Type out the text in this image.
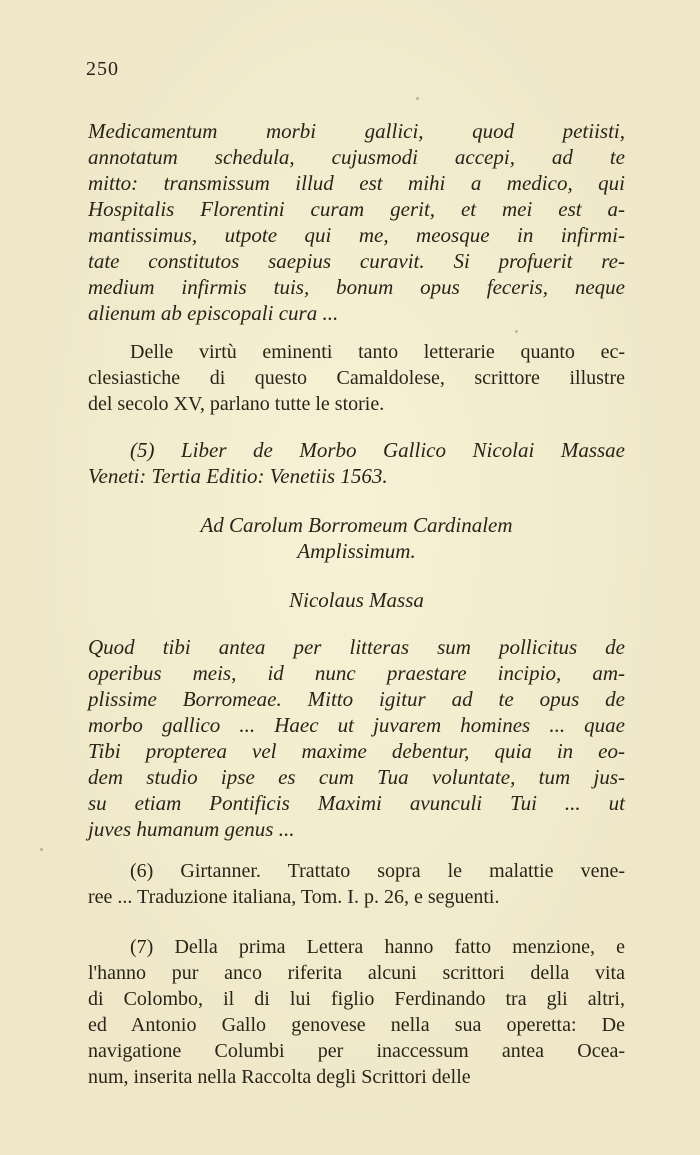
250
Medicamentum morbi gallici, quod petiisti,
annotatum schedula, cujusmodi accepi, ad te
mitto: transmissum illud est mihi a medico, qui
Hospitalis Florentini curam gerit, et mei est a-
mantissimus, utpote qui me, meosque in infirmi-
tate constitutos saepius curavit. Si profuerit re-
medium infirmis tuis, bonum opus feceris, neque
alienum ab episcopali cura ...
Delle virtù eminenti tanto letterarie quanto ec-
clesiastiche di questo Camaldolese, scrittore illustre
del secolo XV, parlano tutte le storie.
(5) Liber de Morbo Gallico Nicolai Massae
Veneti: Tertia Editio: Venetiis 1563.
Ad Carolum Borromeum Cardinalem
Amplissimum.
Nicolaus Massa
Quod tibi antea per litteras sum pollicitus de
operibus meis, id nunc praestare incipio, am-
plissime Borromeae. Mitto igitur ad te opus de
morbo gallico ... Haec ut juvarem homines ... quae
Tibi propterea vel maxime debentur, quia in eo-
dem studio ipse es cum Tua voluntate, tum jus-
su etiam Pontificis Maximi avunculi Tui ... ut
juves humanum genus ...
(6) Girtanner. Trattato sopra le malattie vene-
ree ... Traduzione italiana, Tom. I. p. 26, e seguenti.
(7) Della prima Lettera hanno fatto menzione, e
l'hanno pur anco riferita alcuni scrittori della vita
di Colombo, il di lui figlio Ferdinando tra gli altri,
ed Antonio Gallo genovese nella sua operetta: De
navigatione Columbi per inaccessum antea Ocea-
num, inserita nella Raccolta degli Scrittori delle
